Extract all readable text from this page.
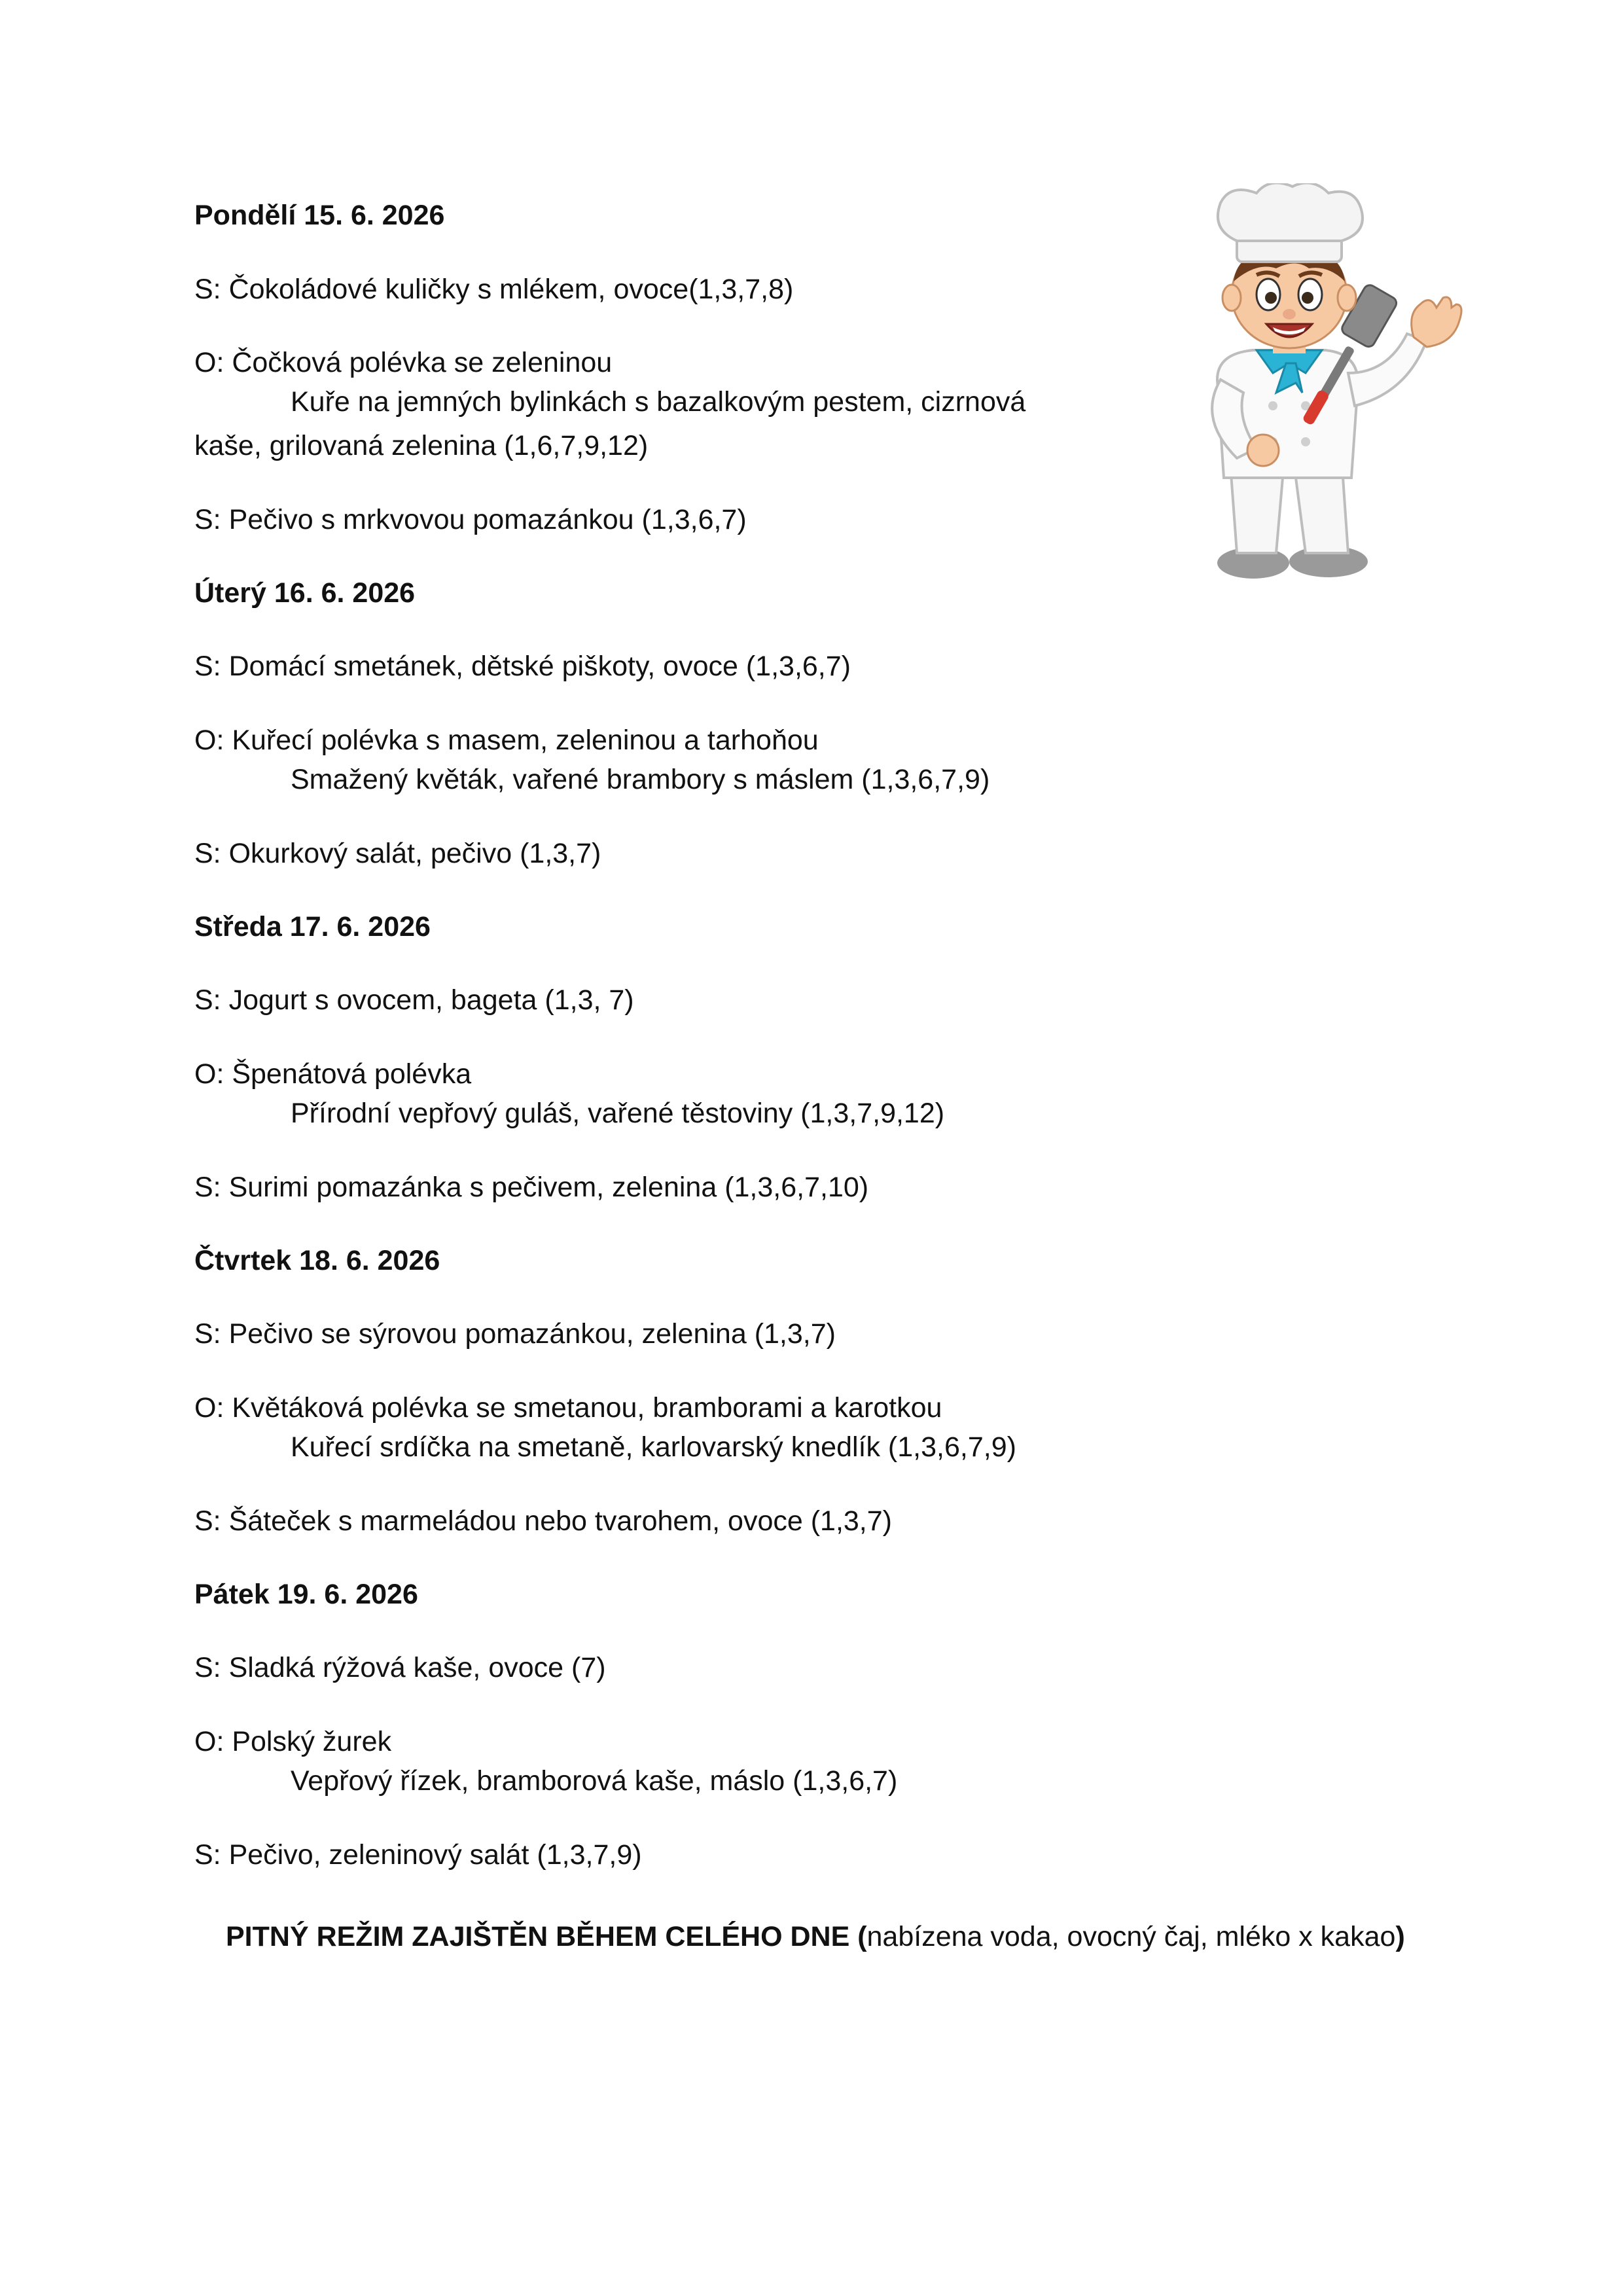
Pondělí 15. 6. 2026
S: Čokoládové kuličky s mlékem, ovoce(1,3,7,8)
O: Čočková polévka se zeleninou
Kuře na jemných bylinkách s bazalkovým pestem, cizrnová
kaše, grilovaná zelenina (1,6,7,9,12)
S: Pečivo s mrkvovou pomazánkou (1,3,6,7)
Úterý 16. 6. 2026
S: Domácí smetánek, dětské piškoty, ovoce (1,3,6,7)
O: Kuřecí polévka s masem, zeleninou a tarhoňou
Smažený květák, vařené brambory s máslem (1,3,6,7,9)
S: Okurkový salát, pečivo (1,3,7)
Středa 17. 6. 2026
S: Jogurt s ovocem, bageta (1,3, 7)
O: Špenátová polévka
Přírodní vepřový guláš, vařené těstoviny (1,3,7,9,12)
S: Surimi pomazánka s pečivem, zelenina (1,3,6,7,10)
Čtvrtek 18. 6. 2026
S: Pečivo se sýrovou pomazánkou, zelenina (1,3,7)
O: Květáková polévka se smetanou, bramborami a karotkou
Kuřecí srdíčka na smetaně, karlovarský knedlík (1,3,6,7,9)
S: Šáteček s marmeládou nebo tvarohem, ovoce (1,3,7)
Pátek 19. 6. 2026
S: Sladká rýžová kaše, ovoce (7)
O: Polský žurek
Vepřový řízek, bramborová kaše, máslo (1,3,6,7)
S: Pečivo, zeleninový salát (1,3,7,9)
PITNÝ REŽIM ZAJIŠTĚN BĚHEM CELÉHO DNE (nabízena voda, ovocný čaj, mléko x kakao)
